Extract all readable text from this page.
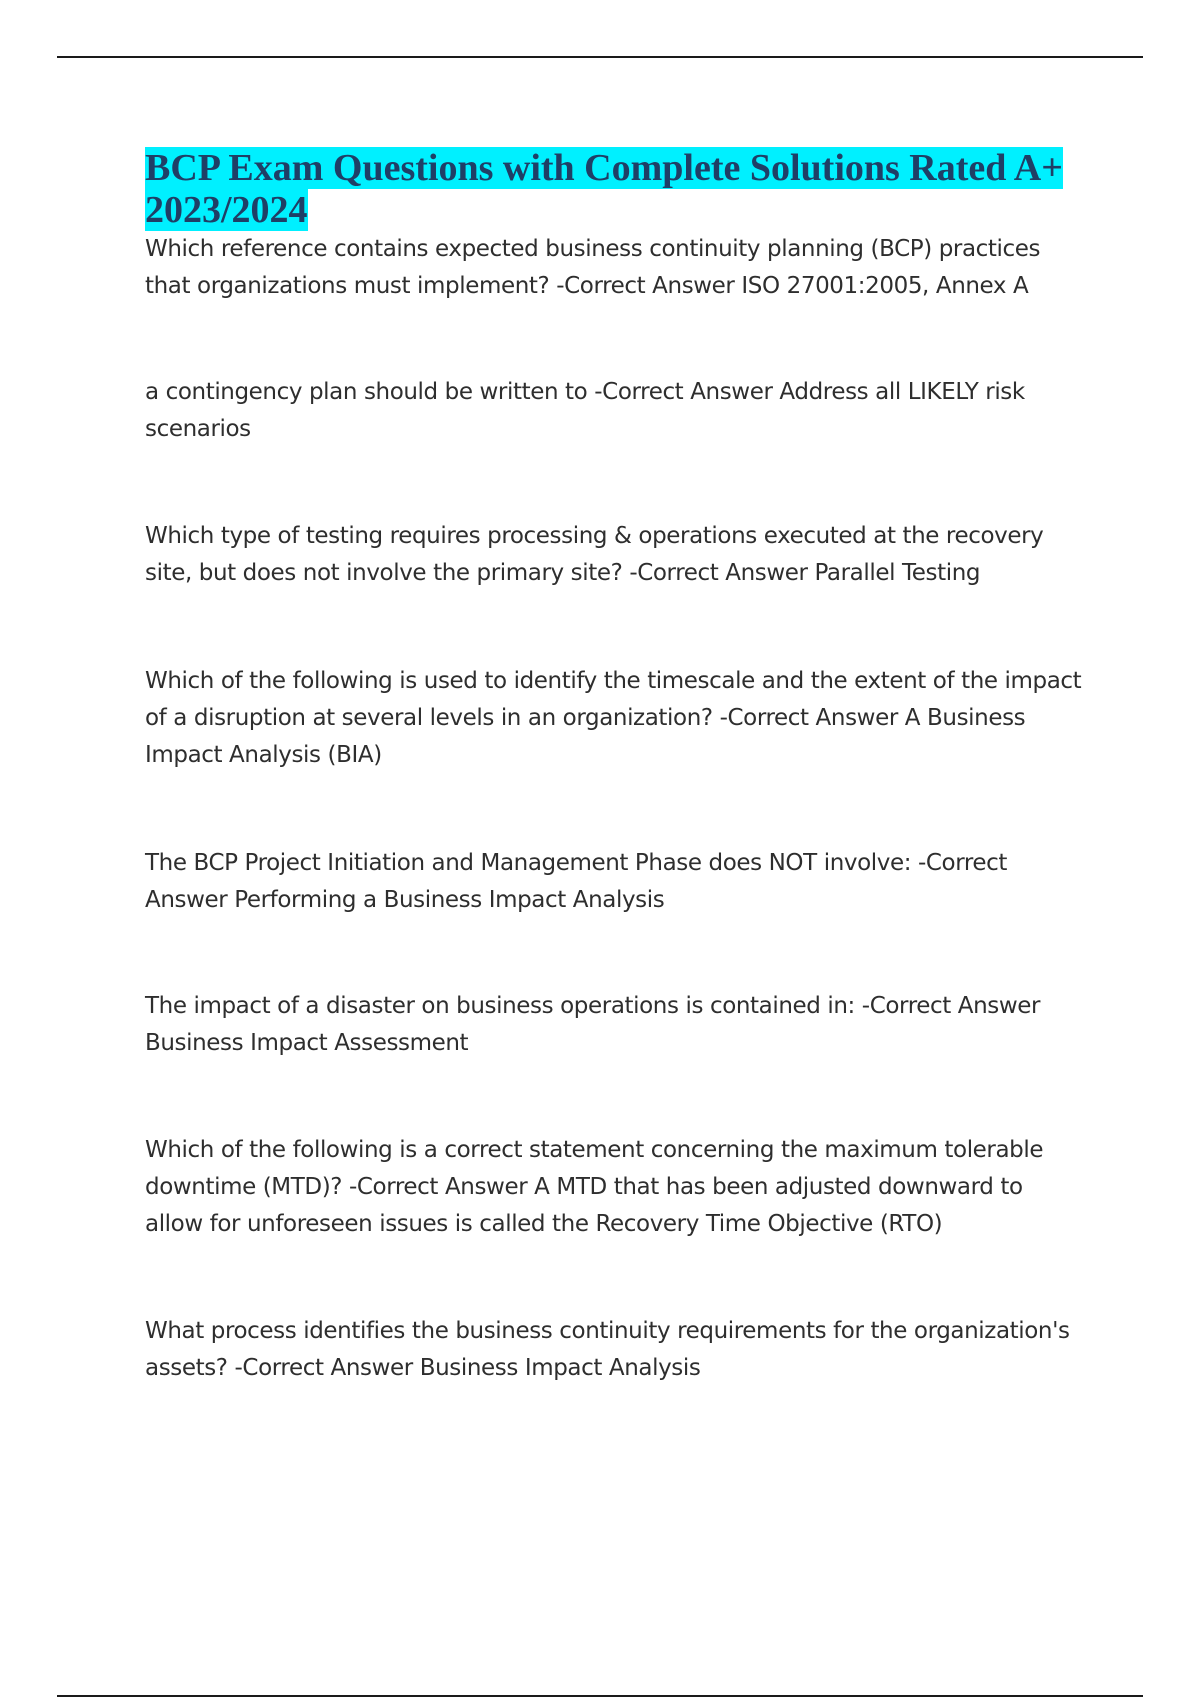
BCP Exam Questions with Complete Solutions Rated A+ 2023/2024

Which reference contains expected business continuity planning (BCP) practices that organizations must implement? -Correct Answer ISO 27001:2005, Annex A

a contingency plan should be written to -Correct Answer Address all LIKELY risk scenarios

Which type of testing requires processing & operations executed at the recovery site, but does not involve the primary site? -Correct Answer Parallel Testing

Which of the following is used to identify the timescale and the extent of the impact of a disruption at several levels in an organization? -Correct Answer A Business Impact Analysis (BIA)

The BCP Project Initiation and Management Phase does NOT involve: -Correct Answer Performing a Business Impact Analysis

The impact of a disaster on business operations is contained in: -Correct Answer Business Impact Assessment

Which of the following is a correct statement concerning the maximum tolerable downtime (MTD)? -Correct Answer A MTD that has been adjusted downward to allow for unforeseen issues is called the Recovery Time Objective (RTO)

What process identifies the business continuity requirements for the organization's assets? -Correct Answer Business Impact Analysis
